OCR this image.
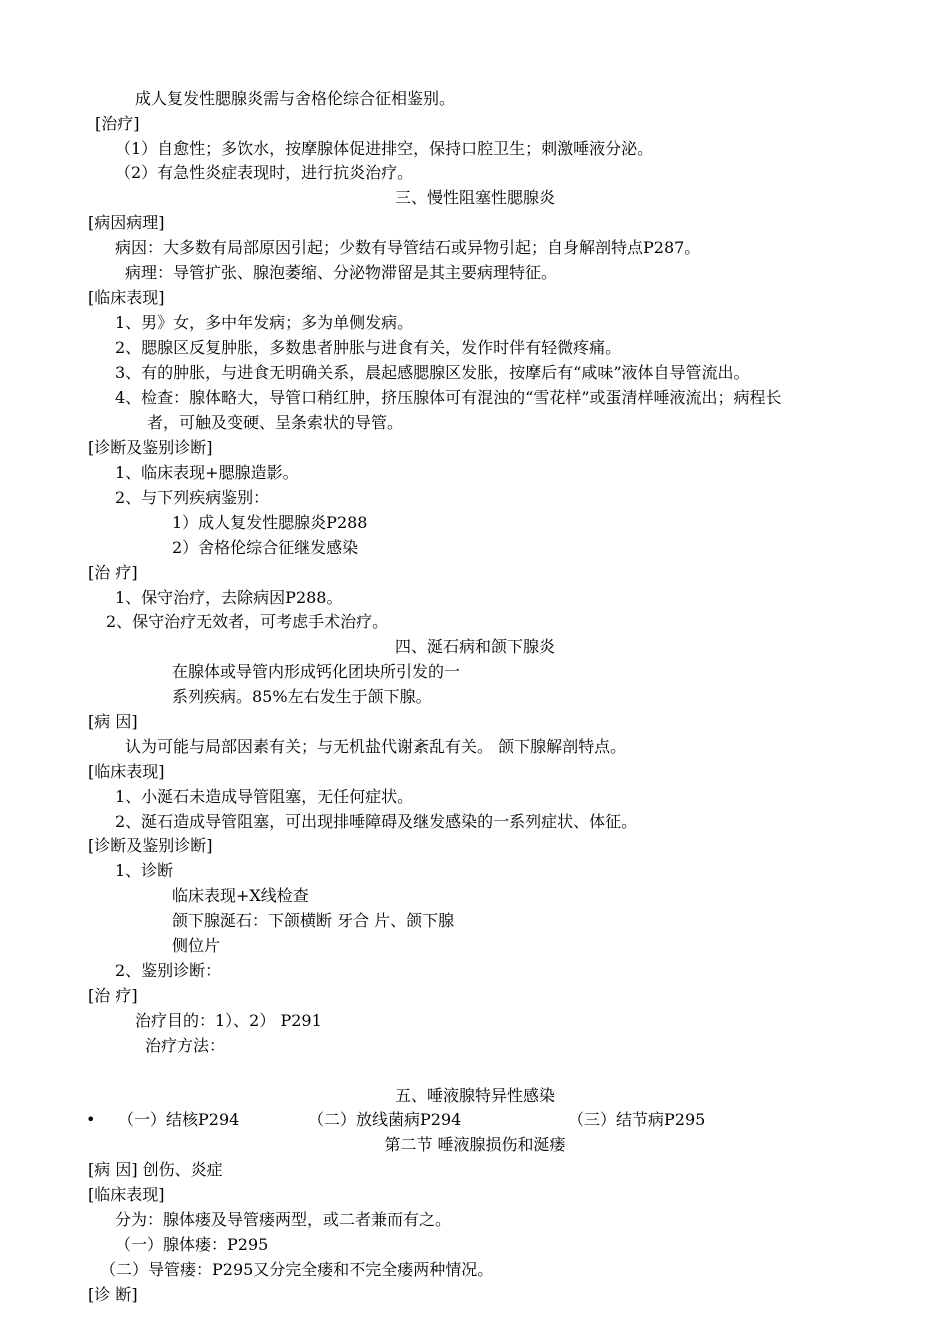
成人复发性腮腺炎需与舍格伦综合征相鉴别。
[治疗]
（1）自愈性；多饮水，按摩腺体促进排空，保持口腔卫生；刺激唾液分泌。
（2）有急性炎症表现时，进行抗炎治疗。
三、慢性阻塞性腮腺炎
[病因病理]
病因：大多数有局部原因引起；少数有导管结石或异物引起；自身解剖特点P287。
病理：导管扩张、腺泡萎缩、分泌物滞留是其主要病理特征。
[临床表现]
1、男》女，多中年发病；多为单侧发病。
2、腮腺区反复肿胀，多数患者肿胀与进食有关，发作时伴有轻微疼痛。
3、有的肿胀，与进食无明确关系，晨起感腮腺区发胀，按摩后有“咸味”液体自导管流出。
4、检查：腺体略大，导管口稍红肿，挤压腺体可有混浊的“雪花样”或蛋清样唾液流出；病程长
者，可触及变硬、呈条索状的导管。
[诊断及鉴别诊断]
1、临床表现+腮腺造影。
2、与下列疾病鉴别：
1）成人复发性腮腺炎P288
2）舍格伦综合征继发感染
[治 疗]
1、保守治疗，去除病因P288。
2、保守治疗无效者，可考虑手术治疗。
四、涎石病和颌下腺炎
在腺体或导管内形成钙化团块所引发的一
系列疾病。85%左右发生于颌下腺。
[病 因]
认为可能与局部因素有关；与无机盐代谢紊乱有关。 颌下腺解剖特点。
[临床表现]
1、小涎石未造成导管阻塞，无任何症状。
2、涎石造成导管阻塞，可出现排唾障碍及继发感染的一系列症状、体征。
[诊断及鉴别诊断]
1、诊断
临床表现+X线检查
颌下腺涎石：下颌横断 牙合 片、颌下腺
侧位片
2、鉴别诊断：
[治 疗]
治疗目的：1）、2） P291
治疗方法：
五、唾液腺特异性感染
• （一）结核P294	（二）放线菌病P294	（三）结节病P295
第二节 唾液腺损伤和涎瘘
[病 因] 创伤、炎症
[临床表现]
分为：腺体瘘及导管瘘两型，或二者兼而有之。
（一）腺体瘘：P295
（二）导管瘘：P295又分完全瘘和不完全瘘两种情况。
[诊 断]
